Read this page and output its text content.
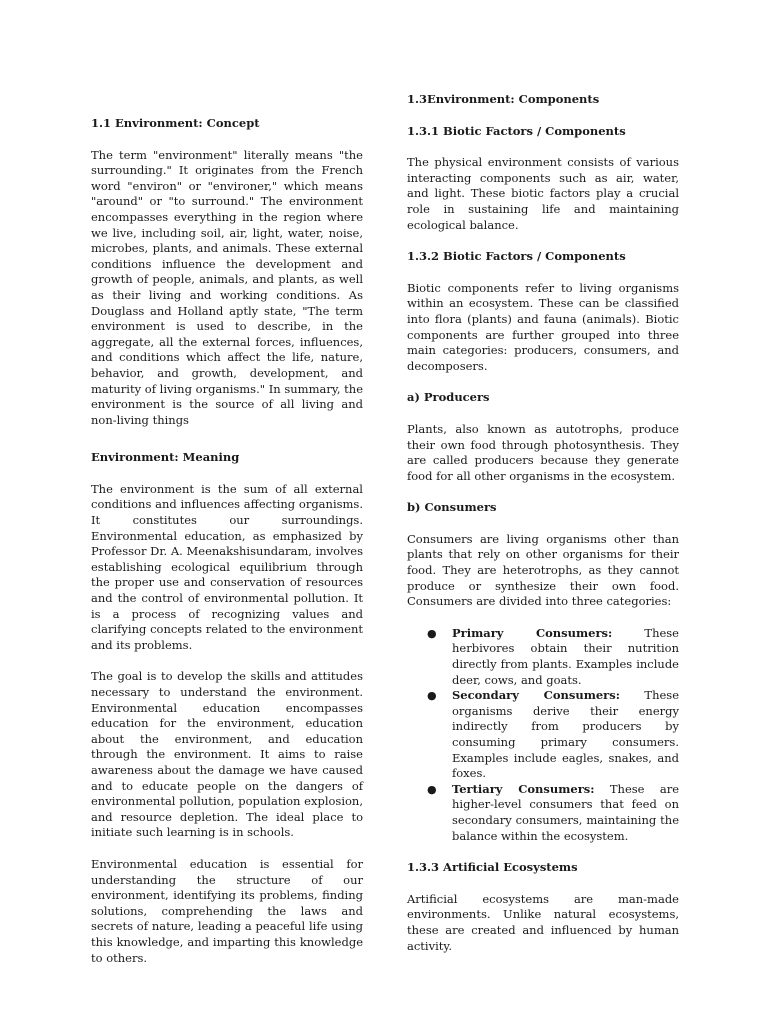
1.1 Environment: Concept

The term "environment" literally means "the surrounding." It originates from the French word "environ" or "environer," which means "around" or "to surround." The environment encompasses everything in the region where we live, including soil, air, light, water, noise, microbes, plants, and animals. These external conditions influence the development and growth of people, animals, and plants, as well as their living and working conditions. As Douglass and Holland aptly state, "The term environment is used to describe, in the aggregate, all the external forces, influences, and conditions which affect the life, nature, behavior, and growth, development, and maturity of living organisms." In summary, the environment is the source of all living and non-living things

Environment: Meaning

The environment is the sum of all external conditions and influences affecting organisms. It constitutes our surroundings. Environmental education, as emphasized by Professor Dr. A. Meenakshisundaram, involves establishing ecological equilibrium through the proper use and conservation of resources and the control of environmental pollution. It is a process of recognizing values and clarifying concepts related to the environment and its problems.

The goal is to develop the skills and attitudes necessary to understand the environment. Environmental education encompasses education for the environment, education about the environment, and education through the environment. It aims to raise awareness about the damage we have caused and to educate people on the dangers of environmental pollution, population explosion, and resource depletion. The ideal place to initiate such learning is in schools.

Environmental education is essential for understanding the structure of our environment, identifying its problems, finding solutions, comprehending the laws and secrets of nature, leading a peaceful life using this knowledge, and imparting this knowledge to others.

1.3Environment: Components
1.3.1 Biotic Factors / Components

The physical environment consists of various interacting components such as air, water, and light. These biotic factors play a crucial role in sustaining life and maintaining ecological balance.

1.3.2 Biotic Factors / Components

Biotic components refer to living organisms within an ecosystem. These can be classified into flora (plants) and fauna (animals). Biotic components are further grouped into three main categories: producers, consumers, and decomposers.

a) Producers

Plants, also known as autotrophs, produce their own food through photosynthesis. They are called producers because they generate food for all other organisms in the ecosystem.

b) Consumers

Consumers are living organisms other than plants that rely on other organisms for their food. They are heterotrophs, as they cannot produce or synthesize their own food. Consumers are divided into three categories:

● Primary Consumers: These herbivores obtain their nutrition directly from plants. Examples include deer, cows, and goats.
● Secondary Consumers: These organisms derive their energy indirectly from producers by consuming primary consumers. Examples include eagles, snakes, and foxes.
● Tertiary Consumers: These are higher-level consumers that feed on secondary consumers, maintaining the balance within the ecosystem.
1.3.3 Artificial Ecosystems

Artificial ecosystems are man-made environments. Unlike natural ecosystems, these are created and influenced by human activity.
